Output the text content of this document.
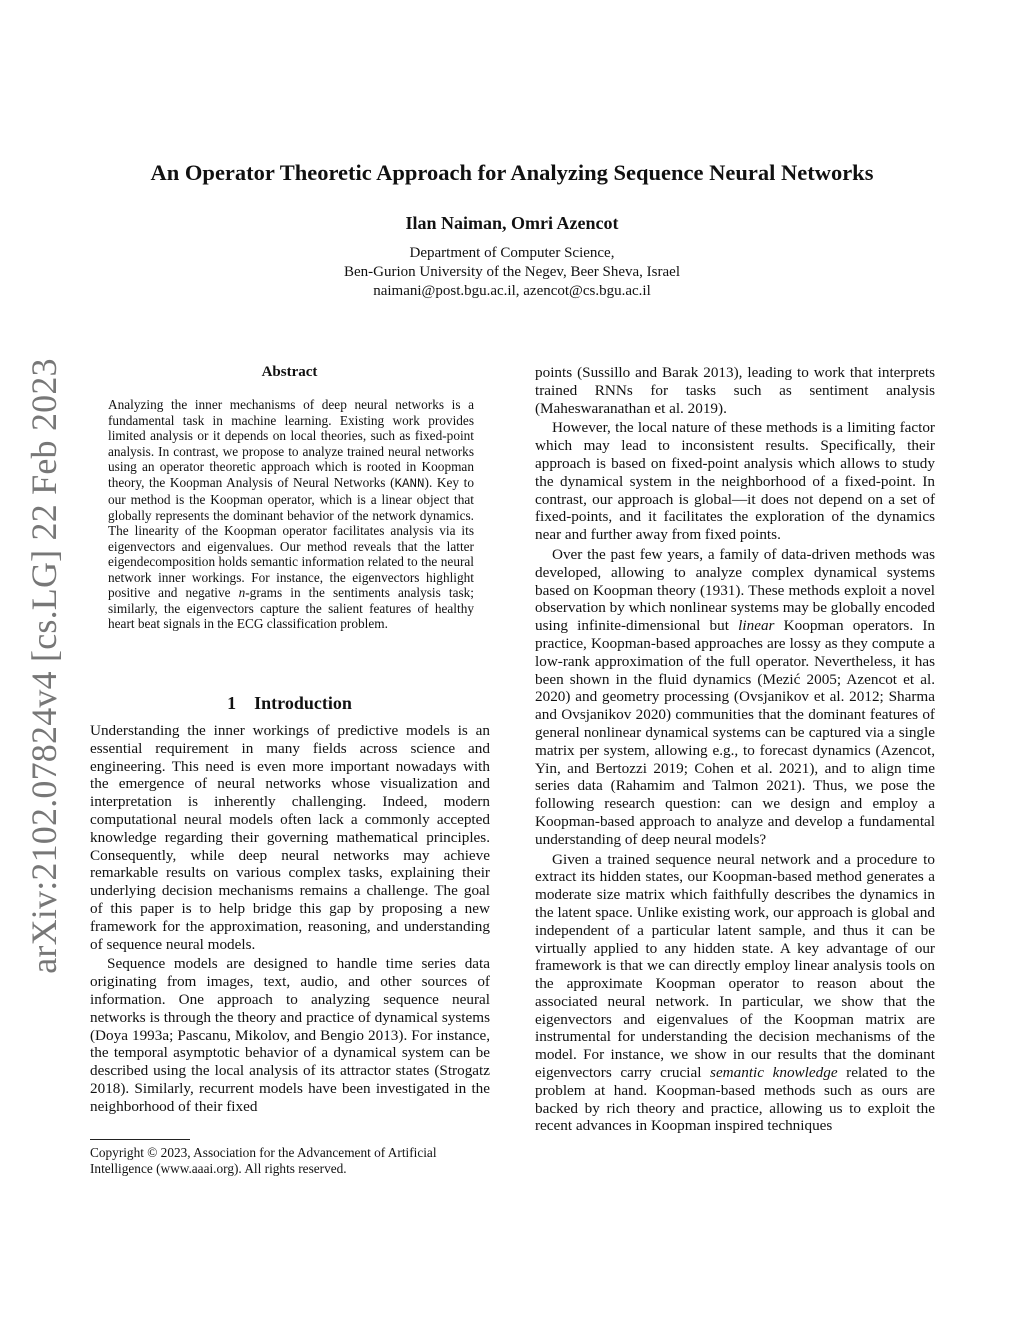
arXiv:2102.07824v4 [cs.LG] 22 Feb 2023
An Operator Theoretic Approach for Analyzing Sequence Neural Networks
Ilan Naiman, Omri Azencot
Department of Computer Science,
Ben-Gurion University of the Negev, Beer Sheva, Israel
naimani@post.bgu.ac.il, azencot@cs.bgu.ac.il
Abstract

Analyzing the inner mechanisms of deep neural networks is a fundamental task in machine learning. Existing work provides limited analysis or it depends on local theories, such as fixed-point analysis. In contrast, we propose to analyze trained neural networks using an operator theoretic approach which is rooted in Koopman theory, the Koopman Analysis of Neural Networks (KANN). Key to our method is the Koopman operator, which is a linear object that globally represents the dominant behavior of the network dynamics. The linearity of the Koopman operator facilitates analysis via its eigenvectors and eigenvalues. Our method reveals that the latter eigendecomposition holds semantic information related to the neural network inner workings. For instance, the eigenvectors highlight positive and negative n-grams in the sentiments analysis task; similarly, the eigenvectors capture the salient features of healthy heart beat signals in the ECG classification problem.

1 Introduction

Understanding the inner workings of predictive models is an essential requirement in many fields across science and engineering. This need is even more important nowadays with the emergence of neural networks whose visualization and interpretation is inherently challenging. Indeed, modern computational neural models often lack a commonly accepted knowledge regarding their governing mathematical principles. Consequently, while deep neural networks may achieve remarkable results on various complex tasks, explaining their underlying decision mechanisms remains a challenge. The goal of this paper is to help bridge this gap by proposing a new framework for the approximation, reasoning, and understanding of sequence neural models.

Sequence models are designed to handle time series data originating from images, text, audio, and other sources of information. One approach to analyzing sequence neural networks is through the theory and practice of dynamical systems (Doya 1993a; Pascanu, Mikolov, and Bengio 2013). For instance, the temporal asymptotic behavior of a dynamical system can be described using the local analysis of its attractor states (Strogatz 2018). Similarly, recurrent models have been investigated in the neighborhood of their fixed

Copyright © 2023, Association for the Advancement of Artificial
Intelligence (www.aaai.org). All rights reserved.

points (Sussillo and Barak 2013), leading to work that interprets trained RNNs for tasks such as sentiment analysis (Maheswaranathan et al. 2019).

However, the local nature of these methods is a limiting factor which may lead to inconsistent results. Specifically, their approach is based on fixed-point analysis which allows to study the dynamical system in the neighborhood of a fixed-point. In contrast, our approach is global—it does not depend on a set of fixed-points, and it facilitates the exploration of the dynamics near and further away from fixed points.

Over the past few years, a family of data-driven methods was developed, allowing to analyze complex dynamical systems based on Koopman theory (1931). These methods exploit a novel observation by which nonlinear systems may be globally encoded using infinite-dimensional but linear Koopman operators. In practice, Koopman-based approaches are lossy as they compute a low-rank approximation of the full operator. Nevertheless, it has been shown in the fluid dynamics (Mezić 2005; Azencot et al. 2020) and geometry processing (Ovsjanikov et al. 2012; Sharma and Ovsjanikov 2020) communities that the dominant features of general nonlinear dynamical systems can be captured via a single matrix per system, allowing e.g., to forecast dynamics (Azencot, Yin, and Bertozzi 2019; Cohen et al. 2021), and to align time series data (Rahamim and Talmon 2021). Thus, we pose the following research question: can we design and employ a Koopman-based approach to analyze and develop a fundamental understanding of deep neural models?

Given a trained sequence neural network and a procedure to extract its hidden states, our Koopman-based method generates a moderate size matrix which faithfully describes the dynamics in the latent space. Unlike existing work, our approach is global and independent of a particular latent sample, and thus it can be virtually applied to any hidden state. A key advantage of our framework is that we can directly employ linear analysis tools on the approximate Koopman operator to reason about the associated neural network. In particular, we show that the eigenvectors and eigenvalues of the Koopman matrix are instrumental for understanding the decision mechanisms of the model. For instance, we show in our results that the dominant eigenvectors carry crucial semantic knowledge related to the problem at hand. Koopman-based methods such as ours are backed by rich theory and practice, allowing us to exploit the recent advances in Koopman inspired techniques
